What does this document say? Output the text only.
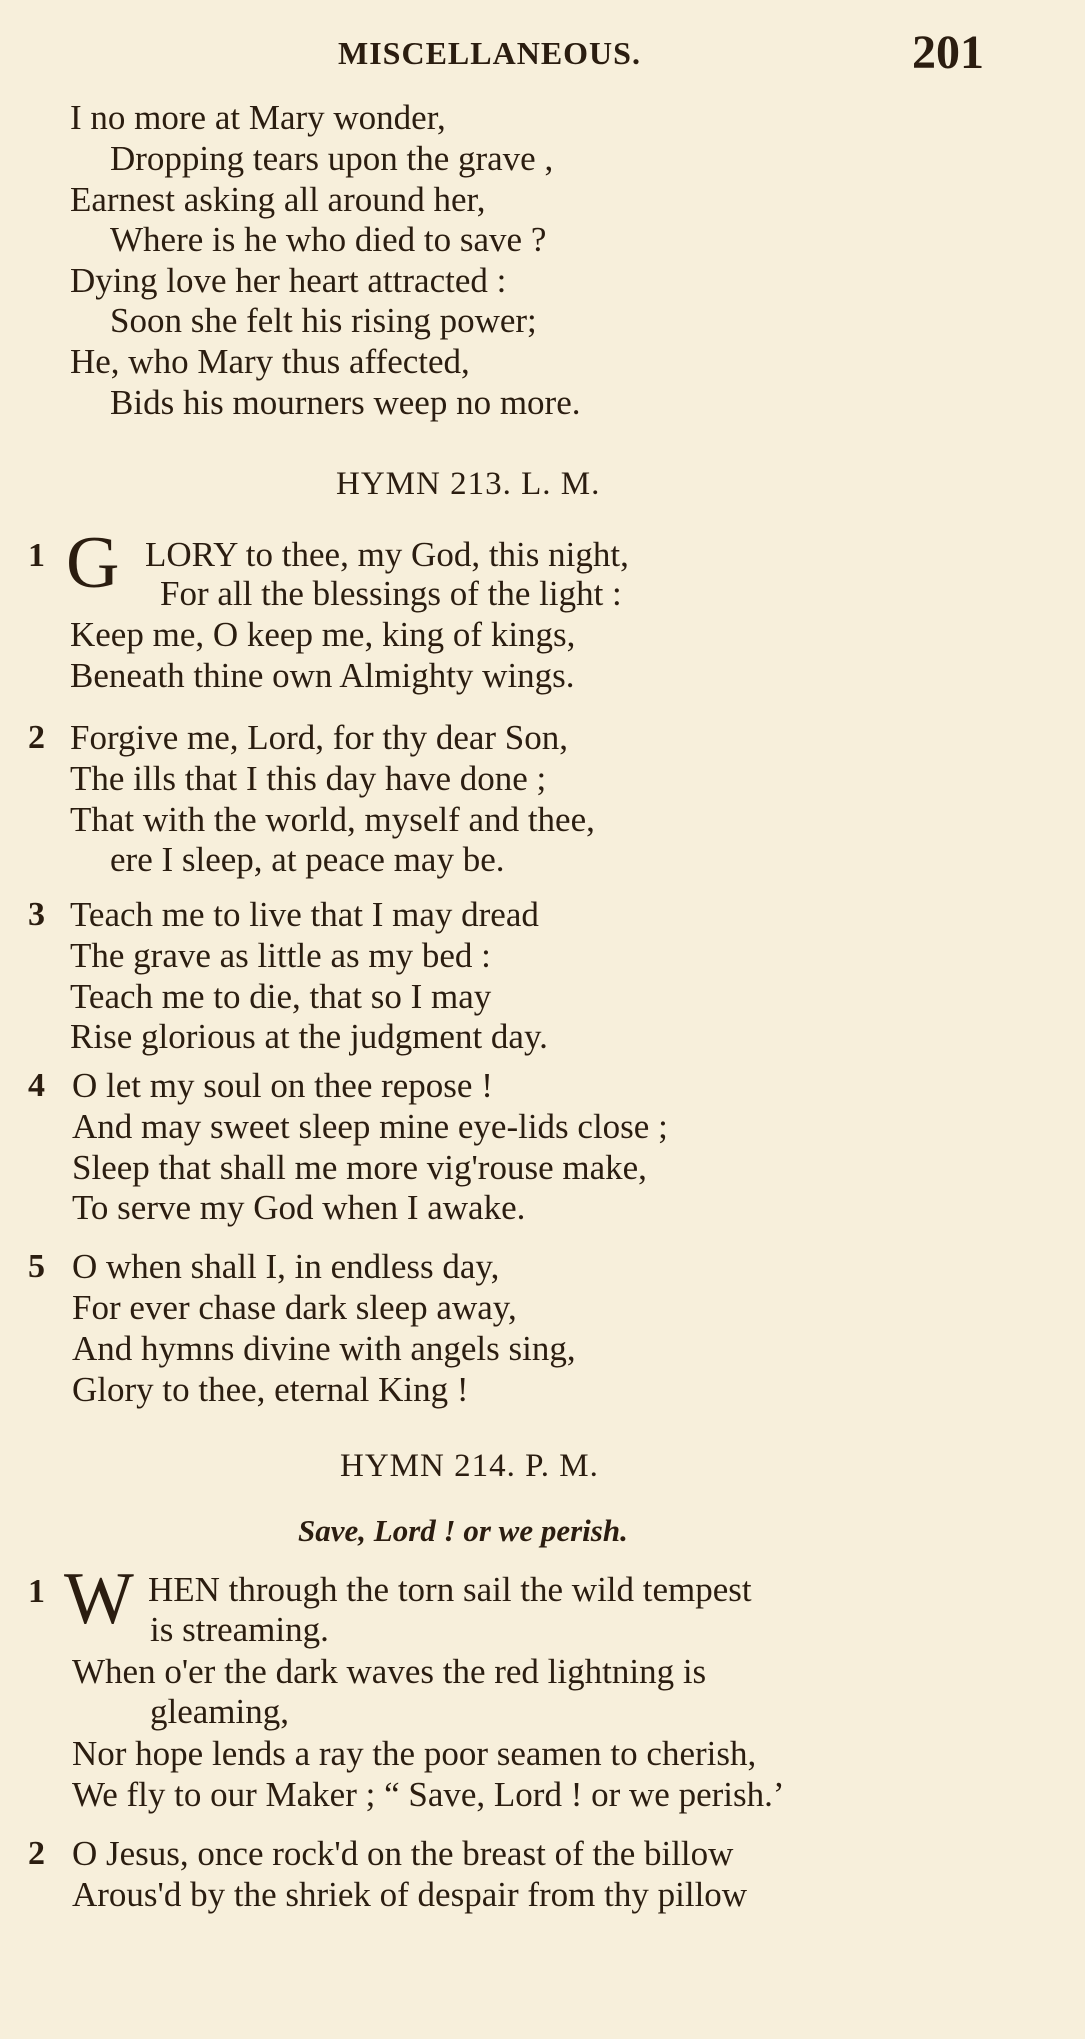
MISCELLANEOUS.	201
I no more at Mary wonder,
Dropping tears upon the grave ,
Earnest asking all around her,
Where is he who died to save ?
Dying love her heart attracted :
Soon she felt his rising power;
He, who Mary thus affected,
Bids his mourners weep no more.
HYMN 213. L. M.
1 G LORY to thee, my God, this night,
For all the blessings of the light :
Keep me, O keep me, king of kings,
Beneath thine own Almighty wings.
2 Forgive me, Lord, for thy dear Son,
The ills that I this day have done ;
That with the world, myself and thee,
ere I sleep, at peace may be.
3 Teach me to live that I may dread
The grave as little as my bed :
Teach me to die, that so I may
Rise glorious at the judgment day.
4 O let my soul on thee repose !
And may sweet sleep mine eye-lids close ;
Sleep that shall me more vig'rouse make,
To serve my God when I awake.
5 O when shall I, in endless day,
For ever chase dark sleep away,
And hymns divine with angels sing,
Glory to thee, eternal King !
HYMN 214. P. M.
Save, Lord ! or we perish.
1 W HEN through the torn sail the wild tempest
is streaming.
When o'er the dark waves the red lightning is
gleaming,
Nor hope lends a ray the poor seamen to cherish,
We fly to our Maker ; “ Save, Lord ! or we perish.’
2 O Jesus, once rock'd on the breast of the billow
Arous'd by the shriek of despair from thy pillow
